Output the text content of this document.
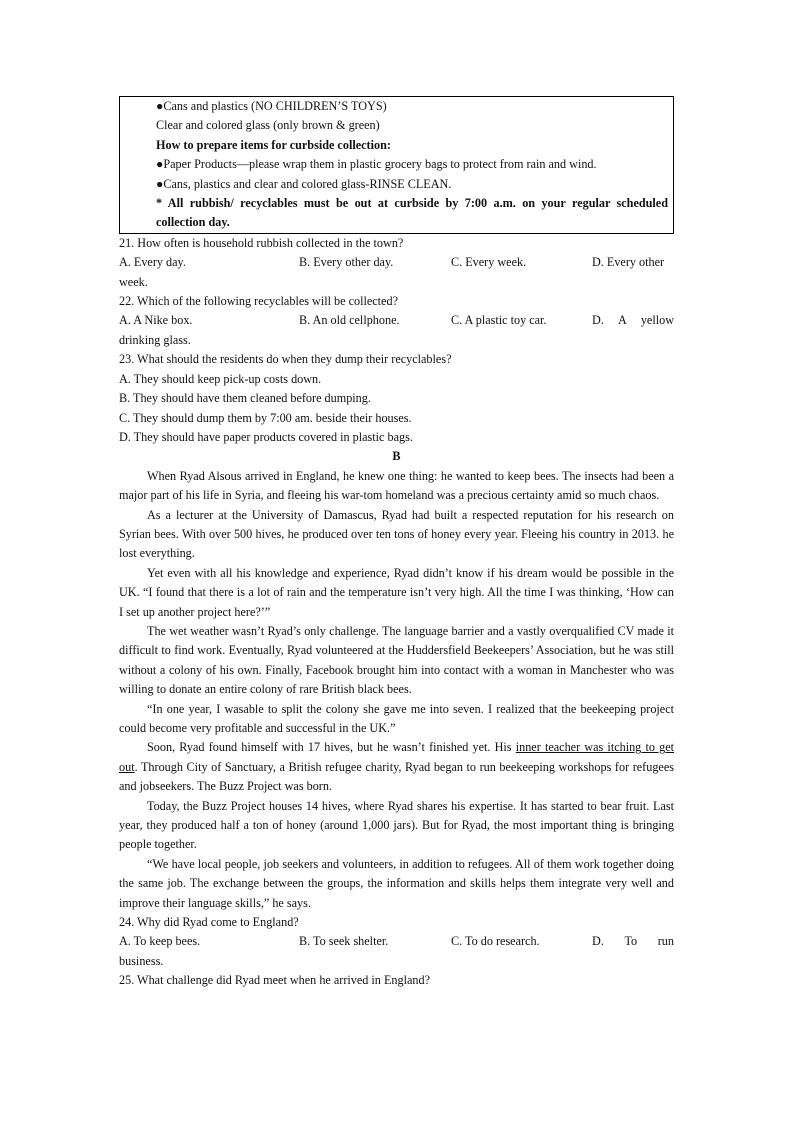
●Cans and plastics (NO CHILDREN’S TOYS)

Clear and colored glass (only brown & green)

How to prepare items for curbside collection:

●Paper Products—please wrap them in plastic grocery bags to protect from rain and wind.

●Cans, plastics and clear and colored glass-RINSE CLEAN.

* All rubbish/ recyclables must be out at curbside by 7:00 a.m. on your regular scheduled collection day.

21. How often is household rubbish collected in the town?

A. Every day.	B. Every other day.	C. Every week.	D. Every other

week.

22. Which of the following recyclables will be collected?

A. A Nike box.	B. An old cellphone.	C. A plastic toy car.	D. A yellow

drinking glass.

23. What should the residents do when they dump their recyclables?

A. They should keep pick-up costs down.

B. They should have them cleaned before dumping.

C. They should dump them by 7:00 am. beside their houses.

D. They should have paper products covered in plastic bags.

B

When Ryad Alsous arrived in England, he knew one thing: he wanted to keep bees. The insects had been a major part of his life in Syria, and fleeing his war-tom homeland was a precious certainty amid so much chaos.

As a lecturer at the University of Damascus, Ryad had built a respected reputation for his research on Syrian bees. With over 500 hives, he produced over ten tons of honey every year. Fleeing his country in 2013. he lost everything.

Yet even with all his knowledge and experience, Ryad didn’t know if his dream would be possible in the UK. “I found that there is a lot of rain and the temperature isn’t very high. All the time I was thinking, ‘How can I set up another project here?’”

The wet weather wasn’t Ryad’s only challenge. The language barrier and a vastly overqualified CV made it difficult to find work. Eventually, Ryad volunteered at the Huddersfield Beekeepers’ Association, but he was still without a colony of his own. Finally, Facebook brought him into contact with a woman in Manchester who was willing to donate an entire colony of rare British black bees.

“In one year, I wasable to split the colony she gave me into seven. I realized that the beekeeping project could become very profitable and successful in the UK.”

Soon, Ryad found himself with 17 hives, but he wasn’t finished yet. His inner teacher was itching to get out. Through City of Sanctuary, a British refugee charity, Ryad began to run beekeeping workshops for refugees and jobseekers. The Buzz Project was born.

Today, the Buzz Project houses 14 hives, where Ryad shares his expertise. It has started to bear fruit. Last year, they produced half a ton of honey (around 1,000 jars). But for Ryad, the most important thing is bringing people together.

“We have local people, job seekers and volunteers, in addition to refugees. All of them work together doing the same job. The exchange between the groups, the information and skills helps them integrate very well and improve their language skills,” he says.

24. Why did Ryad come to England?

A. To keep bees.	B. To seek shelter.	C. To do research.	D. To run

business.

25. What challenge did Ryad meet when he arrived in England?
